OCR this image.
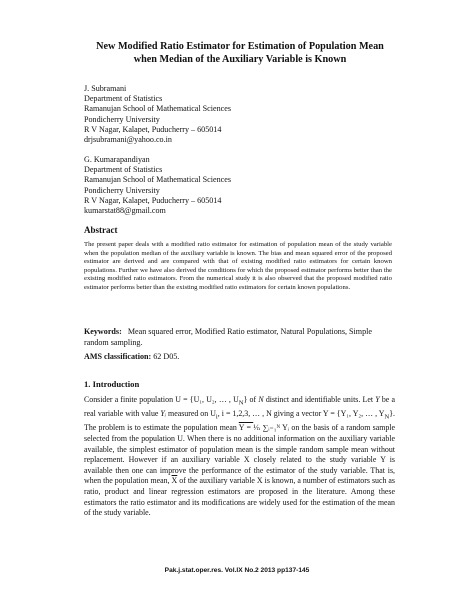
New Modified Ratio Estimator for Estimation of Population Mean
when Median of the Auxiliary Variable is Known
J. Subramani
Department of Statistics
Ramanujan School of Mathematical Sciences
Pondicherry University
R V Nagar, Kalapet, Puducherry – 605014
drjsubramani@yahoo.co.in
G. Kumarapandiyan
Department of Statistics
Ramanujan School of Mathematical Sciences
Pondicherry University
R V Nagar, Kalapet, Puducherry – 605014
kumarstat88@gmail.com
Abstract
The present paper deals with a modified ratio estimator for estimation of population mean of the study variable when the population median of the auxiliary variable is known. The bias and mean squared error of the proposed estimator are derived and are compared with that of existing modified ratio estimators for certain known populations. Further we have also derived the conditions for which the proposed estimator performs better than the existing modified ratio estimators. From the numerical study it is also observed that the proposed modified ratio estimator performs better than the existing modified ratio estimators for certain known populations.
Keywords: Mean squared error, Modified Ratio estimator, Natural Populations, Simple random sampling.
AMS classification: 62 D05.
1. Introduction
Consider a finite population U = {U₁, U₂, … , $U_N$} of N distinct and identifiable units. Let Y be a real variable with value Yᵢ measured on $U_i$, i = 1,2,3, … , N giving a vector Y = {Y₁, Y₂, … , $Y_N$}. The problem is to estimate the population mean Y = ¹⁄ₙ ∑ᵢ₌₁ᴺ Yᵢ on the basis of a random sample selected from the population U. When there is no additional information on the auxiliary variable available, the simplest estimator of population mean is the simple random sample mean without replacement. However if an auxiliary variable X closely related to the study variable Y is available then one can improve the performance of the estimator of the study variable. That is, when the population mean, $\overline{X}$ of the auxiliary variable X is known, a number of estimators such as ratio, product and linear regression estimators are proposed in the literature. Among these estimators the ratio estimator and its modifications are widely used for the estimation of the mean of the study variable.
Pak.j.stat.oper.res. Vol.IX No.2 2013 pp137-145
